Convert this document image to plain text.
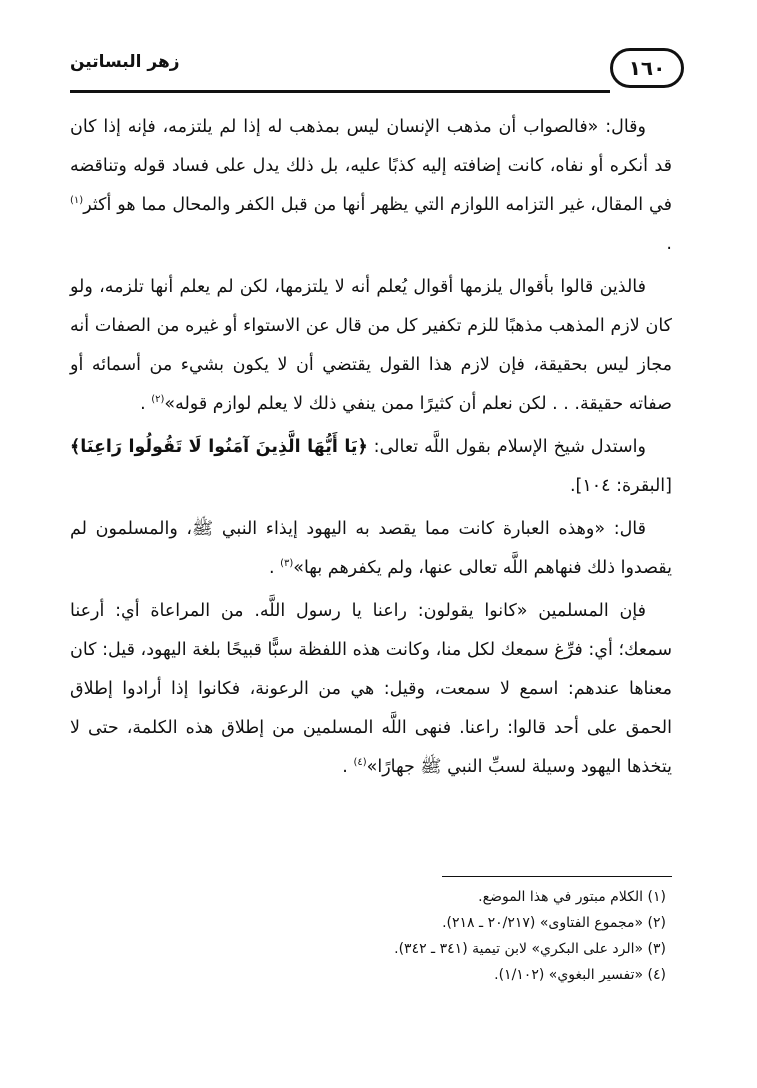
١٦٠
زهر البساتين

وقال: «فالصواب أن مذهب الإنسان ليس بمذهب له إذا لم يلتزمه، فإنه إذا كان قد أنكره أو نفاه، كانت إضافته إليه كذبًا عليه، بل ذلك يدل على فساد قوله وتناقضه في المقال، غير التزامه اللوازم التي يظهر أنها من قبل الكفر والمحال مما هو أكثر$^{(١)}$ .

فالذين قالوا بأقوال يلزمها أقوال يُعلم أنه لا يلتزمها، لكن لم يعلم أنها تلزمه، ولو كان لازم المذهب مذهبًا للزم تكفير كل من قال عن الاستواء أو غيره من الصفات أنه مجاز ليس بحقيقة، فإن لازم هذا القول يقتضي أن لا يكون بشيء من أسمائه أو صفاته حقيقة. . . لكن نعلم أن كثيرًا ممن ينفي ذلك لا يعلم لوازم قوله»$^{(٢)}$ .

واستدل شيخ الإسلام بقول اللَّه تعالى: ﴿يَا أَيُّهَا الَّذِينَ آمَنُوا لَا تَقُولُوا رَاعِنَا﴾ [البقرة: ١٠٤].

قال: «وهذه العبارة كانت مما يقصد به اليهود إيذاء النبي ﷺ، والمسلمون لم يقصدوا ذلك فنهاهم اللَّه تعالى عنها، ولم يكفرهم بها»$^{(٣)}$ .

فإن المسلمين «كانوا يقولون: راعنا يا رسول اللَّه. من المراعاة أي: أرعنا سمعك؛ أي: فرِّغ سمعك لكل منا، وكانت هذه اللفظة سبًّا قبيحًا بلغة اليهود، قيل: كان معناها عندهم: اسمع لا سمعت، وقيل: هي من الرعونة، فكانوا إذا أرادوا إطلاق الحمق على أحد قالوا: راعنا. فنهى اللَّه المسلمين من إطلاق هذه الكلمة، حتى لا يتخذها اليهود وسيلة لسبِّ النبي ﷺ جهارًا»$^{(٤)}$ .

(١) الكلام مبتور في هذا الموضع.
(٢) «مجموع الفتاوى» (٢٠/٢١٧ ـ ٢١٨).
(٣) «الرد على البكري» لابن تيمية (٣٤١ ـ ٣٤٢).
(٤) «تفسير البغوي» (١/١٠٢).
